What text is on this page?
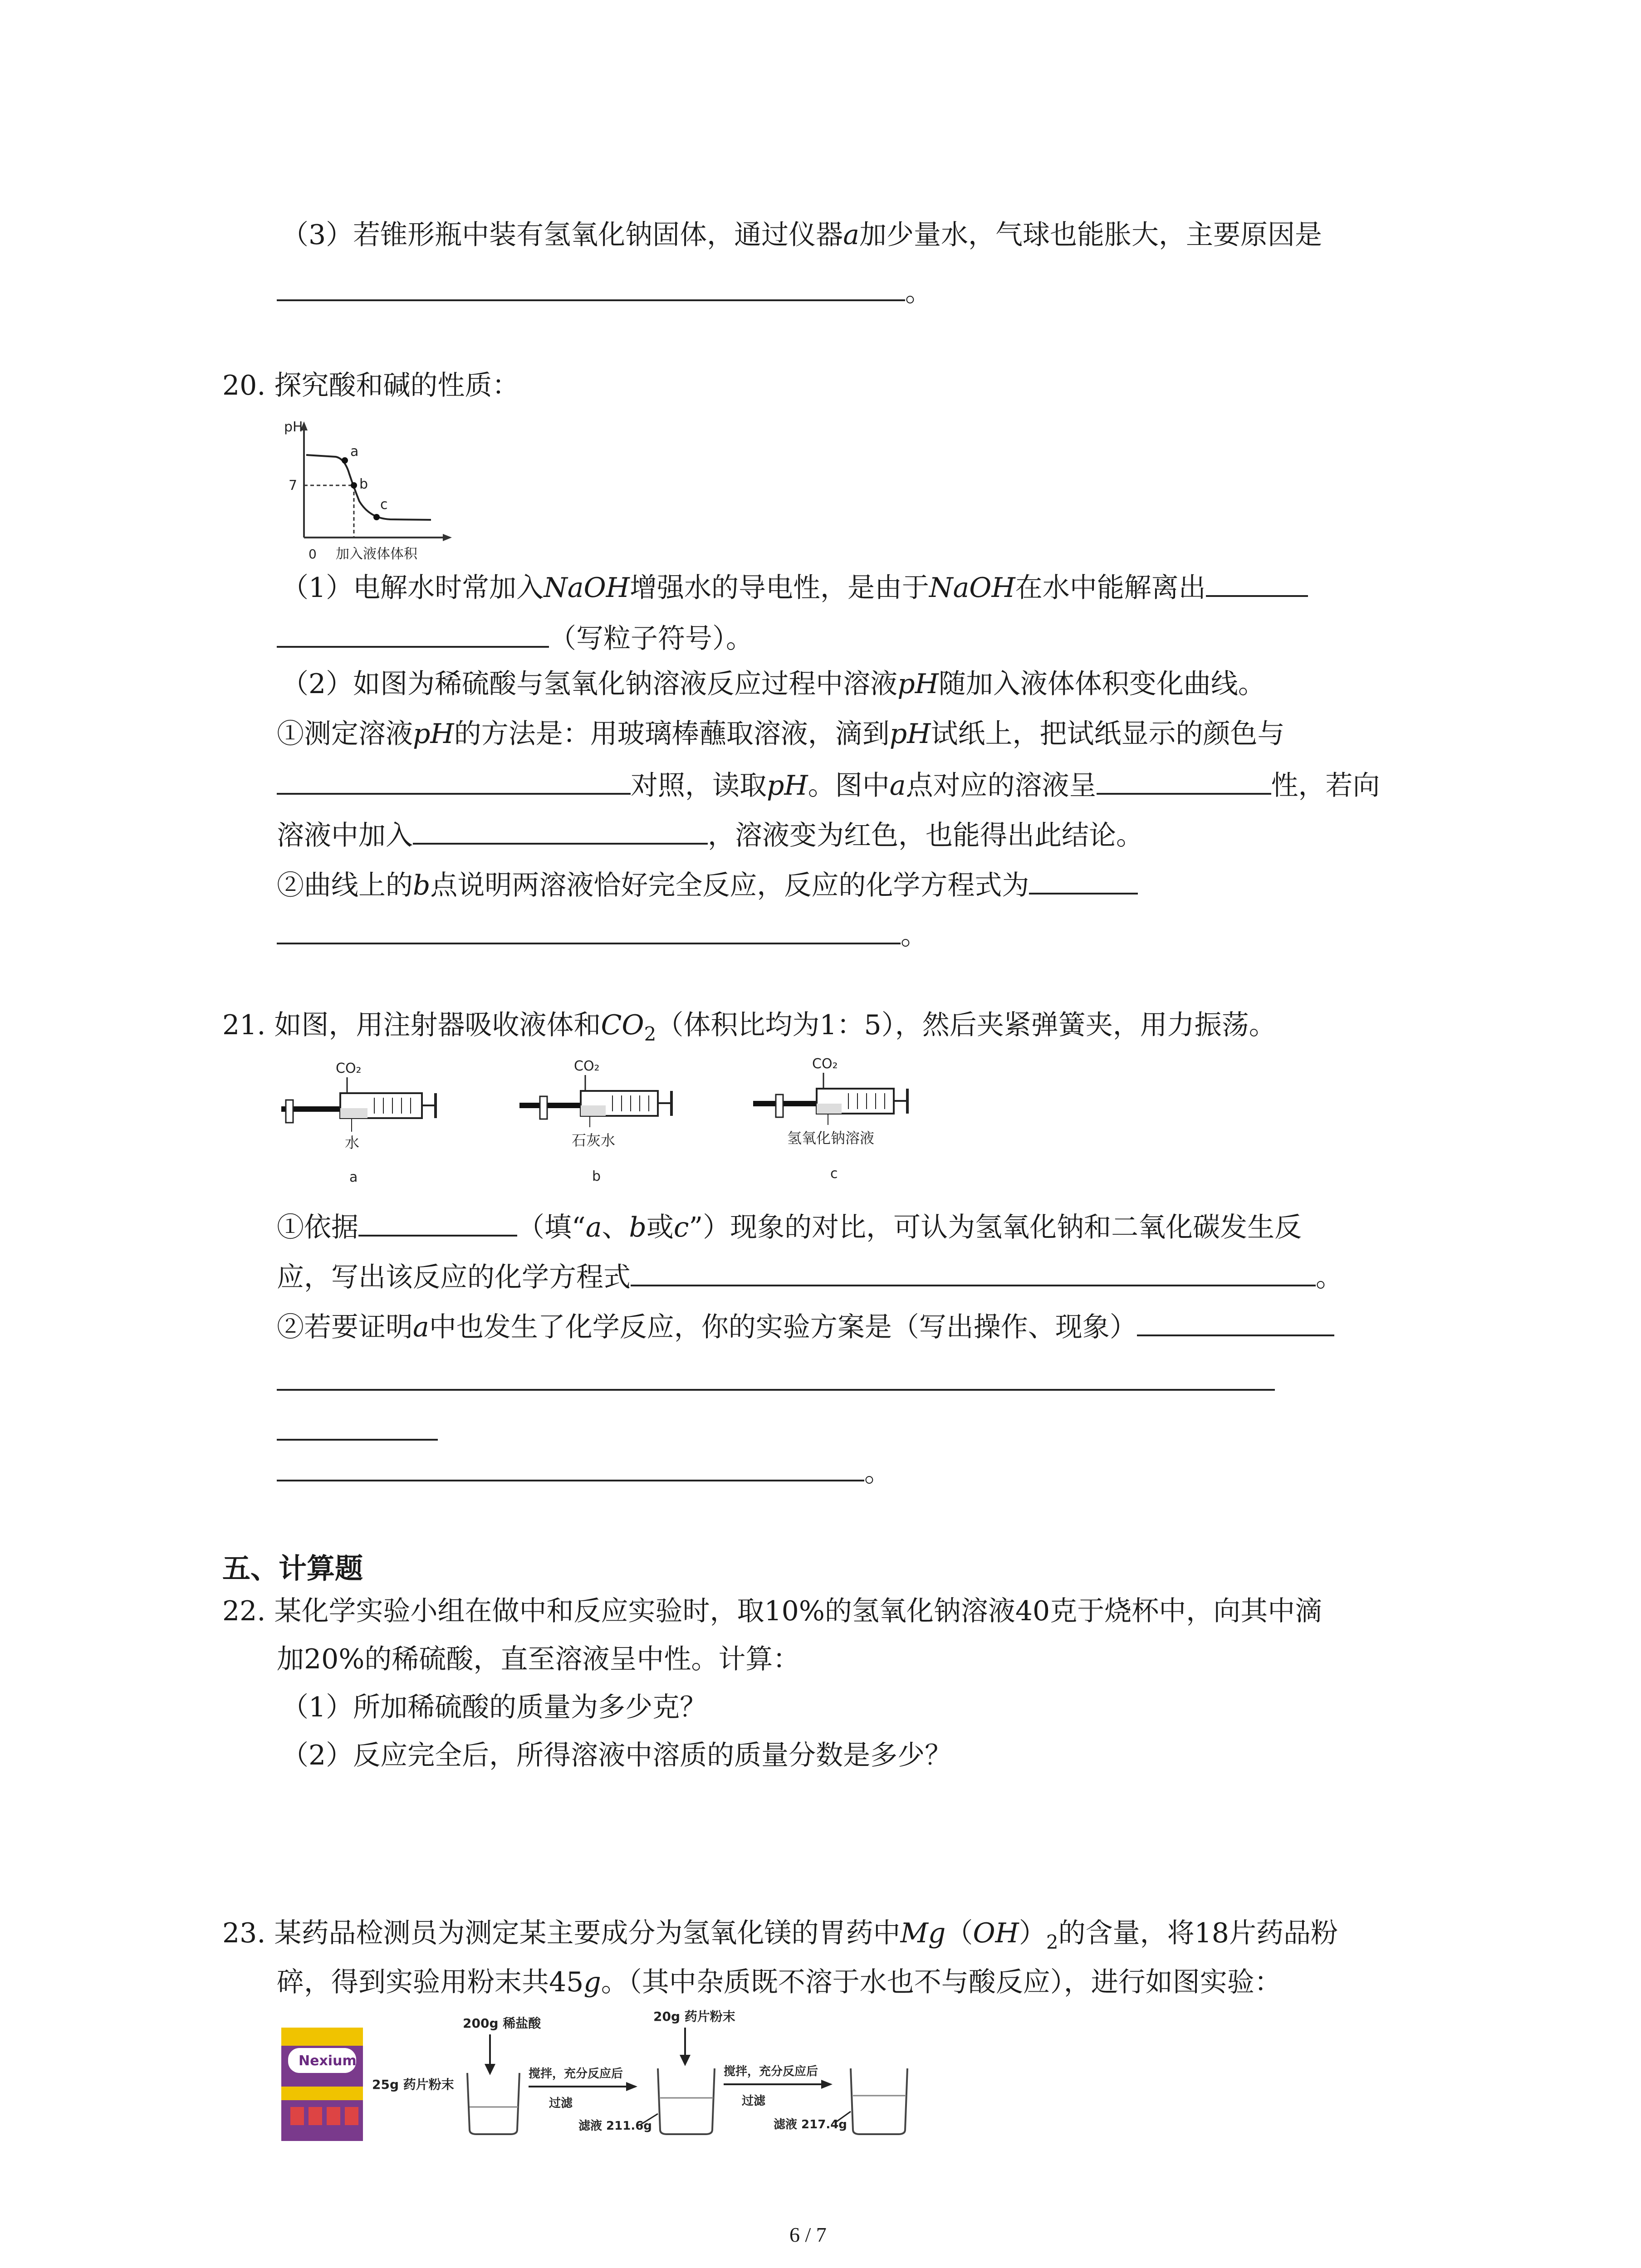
（3）若锥形瓶中装有氢氧化钠固体，通过仪器a加少量水，气球也能胀大，主要原因是
。
20. 探究酸和碱的性质：
pH
7
a
b
c
0 加入液体体积
（1）电解水时常加入NaOH增强水的导电性，是由于NaOH在水中能解离出
（写粒子符号）。
（2）如图为稀硫酸与氢氧化钠溶液反应过程中溶液pH随加入液体体积变化曲线。
①测定溶液pH的方法是：用玻璃棒蘸取溶液，滴到pH试纸上，把试纸显示的颜色与
对照，读取pH。图中a点对应的溶液呈	性，若向
溶液中加入	，溶液变为红色，也能得出此结论。
②曲线上的b点说明两溶液恰好完全反应，反应的化学方程式为
。
21. 如图，用注射器吸收液体和$CO_2$（体积比均为1：5），然后夹紧弹簧夹，用力振荡。
CO₂
水
a
CO₂
石灰水
b
CO₂
氢氧化钠溶液
c
①依据	（填“a、b或c”）现象的对比，可认为氢氧化钠和二氧化碳发生反
应，写出该反应的化学方程式	。
②若要证明a中也发生了化学反应，你的实验方案是（写出操作、现象）
。
五、计算题
22. 某化学实验小组在做中和反应实验时，取10%的氢氧化钠溶液40克于烧杯中，向其中滴
加20%的稀硫酸，直至溶液呈中性。计算：
（1）所加稀硫酸的质量为多少克？
（2）反应完全后，所得溶液中溶质的质量分数是多少？
23. 某药品检测员为测定某主要成分为氢氧化镁的胃药中$Mg(OH)_2$的含量，将18片药品粉
碎，得到实验用粉末共45g。（其中杂质既不溶于水也不与酸反应），进行如图实验：
Nexium
200g 稀盐酸
25g 药片粉末
搅拌，充分反应后
过滤
滤液 211.6g
20g 药片粉末
搅拌，充分反应后
过滤
滤液 217.4g
6 / 7
